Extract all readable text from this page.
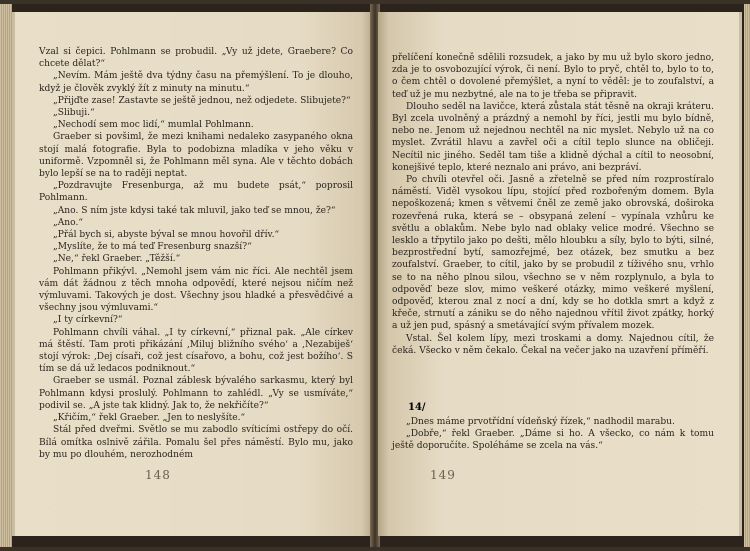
Vzal si čepici. Pohlmann se probudil. „Vy už jdete, Graebere? Co chcete dělat?“

„Nevím. Mám ještě dva týdny času na přemýšlení. To je dlouho, když je člověk zvyklý žít z minuty na minutu.“

„Přijďte zase! Zastavte se ještě jednou, než odjedete. Slibujete?“

„Slibuji.“

„Nechodí sem moc lidí,“ mumlal Pohlmann.

Graeber si povšiml, že mezi knihami nedaleko zasypaného okna stojí malá fotografie. Byla to podobizna mladíka v jeho věku v uniformě. Vzpomněl si, že Pohlmann měl syna. Ale v těchto dobách bylo lepší se na to raději neptat.

„Pozdravujte Fresenburga, až mu budete psát,“ poprosil Pohlmann.

„Ano. S ním jste kdysi také tak mluvil, jako teď se mnou, že?“

„Ano.“

„Přál bych si, abyste býval se mnou hovořil dřív.“

„Myslíte, že to má teď Fresenburg snazší?“

„Ne,“ řekl Graeber. „Těžší.“

Pohlmann přikývl. „Nemohl jsem vám nic říci. Ale nechtěl jsem vám dát žádnou z těch mnoha odpovědí, které nejsou ničím než výmluvami. Takových je dost. Všechny jsou hladké a přesvědčivé a všechny jsou výmluvami.“

„I ty církevní?“

Pohlmann chvíli váhal. „I ty církevní,“ přiznal pak. „Ale církev má štěstí. Tam proti přikázání ‚Miluj bližního svého‘ a ‚Nezabiješ‘ stojí výrok: ‚Dej císaři, což jest císařovo, a bohu, což jest božího‘. S tím se dá už ledacos podniknout.“

Graeber se usmál. Poznal záblesk bývalého sarkasmu, který byl Pohlmann kdysi proslulý. Pohlmann to zahlédl. „Vy se usmíváte,“ podivil se. „A jste tak klidný. Jak to, že nekřičíte?“

„Křičím,“ řekl Graeber. „Jen to neslyšíte.“

Stál před dveřmi. Světlo se mu zabodlo svíticími ostřepy do očí. Bílá omítka oslnivě zářila. Pomalu šel přes náměstí. Bylo mu, jako by mu po dlouhém, nerozhodném

148

přelíčení konečně sdělili rozsudek, a jako by mu už bylo skoro jedno, zda je to osvobozující výrok, či není. Bylo to pryč, chtěl to, bylo to to, o čem chtěl o dovolené přemýšlet, a nyní to věděl: je to zoufalství, a teď už je mu nezbytné, ale na to je třeba se připravit.

Dlouho seděl na lavičce, která zůstala stát těsně na okraji kráteru. Byl zcela uvolněný a prázdný a nemohl by říci, jestli mu bylo bídně, nebo ne. Jenom už nejednou nechtěl na nic myslet. Nebylo už na co myslet. Zvrátil hlavu a zavřel oči a cítil teplo slunce na obličeji. Necítil nic jiného. Seděl tam tiše a klidně dýchal a cítil to neosobní, konejšivé teplo, které neznalo ani právo, ani bezpráví.

Po chvíli otevřel oči. Jasně a zřetelně se před ním rozprostíralo náměstí. Viděl vysokou lípu, stojící před rozbořeným domem. Byla nepoškozená; kmen s větvemi čněl ze země jako obrovská, doširoka rozevřená ruka, která se – obsypaná zelení – vypínala vzhůru ke světlu a oblakům. Nebe bylo nad oblaky velice modré. Všechno se lesklo a třpytilo jako po dešti, mělo hloubku a síly, bylo to býti, silné, bezprostřední bytí, samozřejmé, bez otázek, bez smutku a bez zoufalství. Graeber, to cítil, jako by se probudil z tíživého snu, vrhlo se to na něho plnou silou, všechno se v něm rozplynulo, a byla to odpověď beze slov, mimo veškeré otázky, mimo veškeré myšlení, odpověď, kterou znal z nocí a dní, kdy se ho dotkla smrt a když z křeče, strnutí a zániku se do něho najednou vřítil život zpátky, horký a už jen pud, spásný a smetávající svým přívalem mozek.

Vstal. Šel kolem lípy, mezi troskami a domy. Najednou cítil, že čeká. Všecko v něm čekalo. Čekal na večer jako na uzavření příměří.

„Dnes máme prvotřídní vídeňský řízek,“ nadhodil marabu.

„Dobře,“ řekl Graeber. „Dáme si ho. A všecko, co nám k tomu ještě doporučíte. Spoléháme se zcela na vás.“

149
14/
